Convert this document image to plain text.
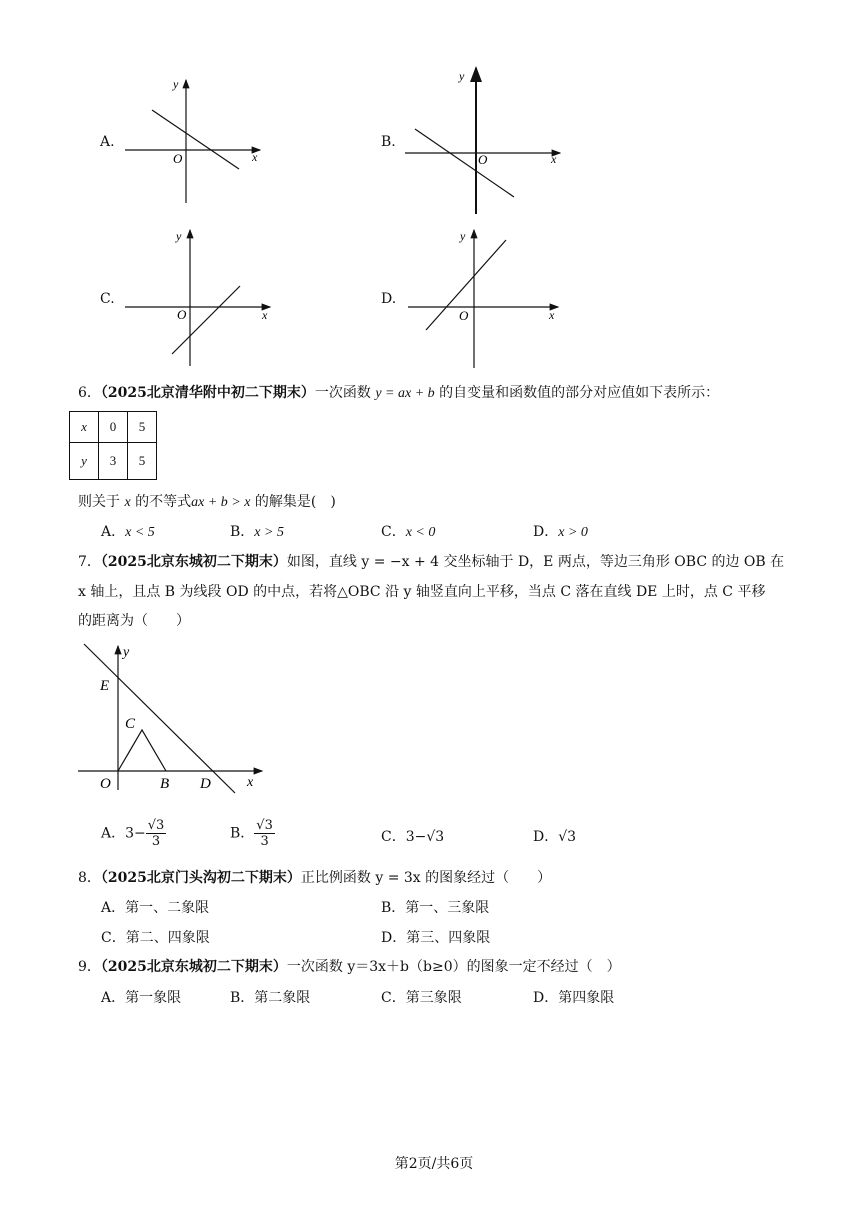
A.
y
x
O
B.
y
x
O
C.
y
x
O
D.
y
x
O
6．（2025北京清华附中初二下期末）一次函数 y = ax + b 的自变量和函数值的部分对应值如下表所示：
x	0	5
y	3	5
则关于 x 的不等式ax + b > x 的解集是(　)
A．x < 5	B．x > 5	C．x < 0	D．x > 0
7．（2025北京东城初二下期末）如图，直线 y = −x + 4 交坐标轴于 D，E 两点，等边三角形 OBC 的边 OB 在
x 轴上，且点 B 为线段 OD 的中点，若将△OBC 沿 y 轴竖直向上平移，当点 C 落在直线 DE 上时，点 C 平移
的距离为（　　）
y
x
E
C
O	B D
A．$3- \frac{√3}{3}$	B． $\frac{√3}{3}$	C．3−√3	D．√3
8．（2025北京门头沟初二下期末）正比例函数 y = 3x 的图象经过（　　）
A．第一、二象限	B．第一、三象限
C．第二、四象限	D．第三、四象限
9．（2025北京东城初二下期末）一次函数 y＝3x＋b（b≥0）的图象一定不经过（　）
A．第一象限	B．第二象限	C．第三象限	D．第四象限
第2页/共6页
